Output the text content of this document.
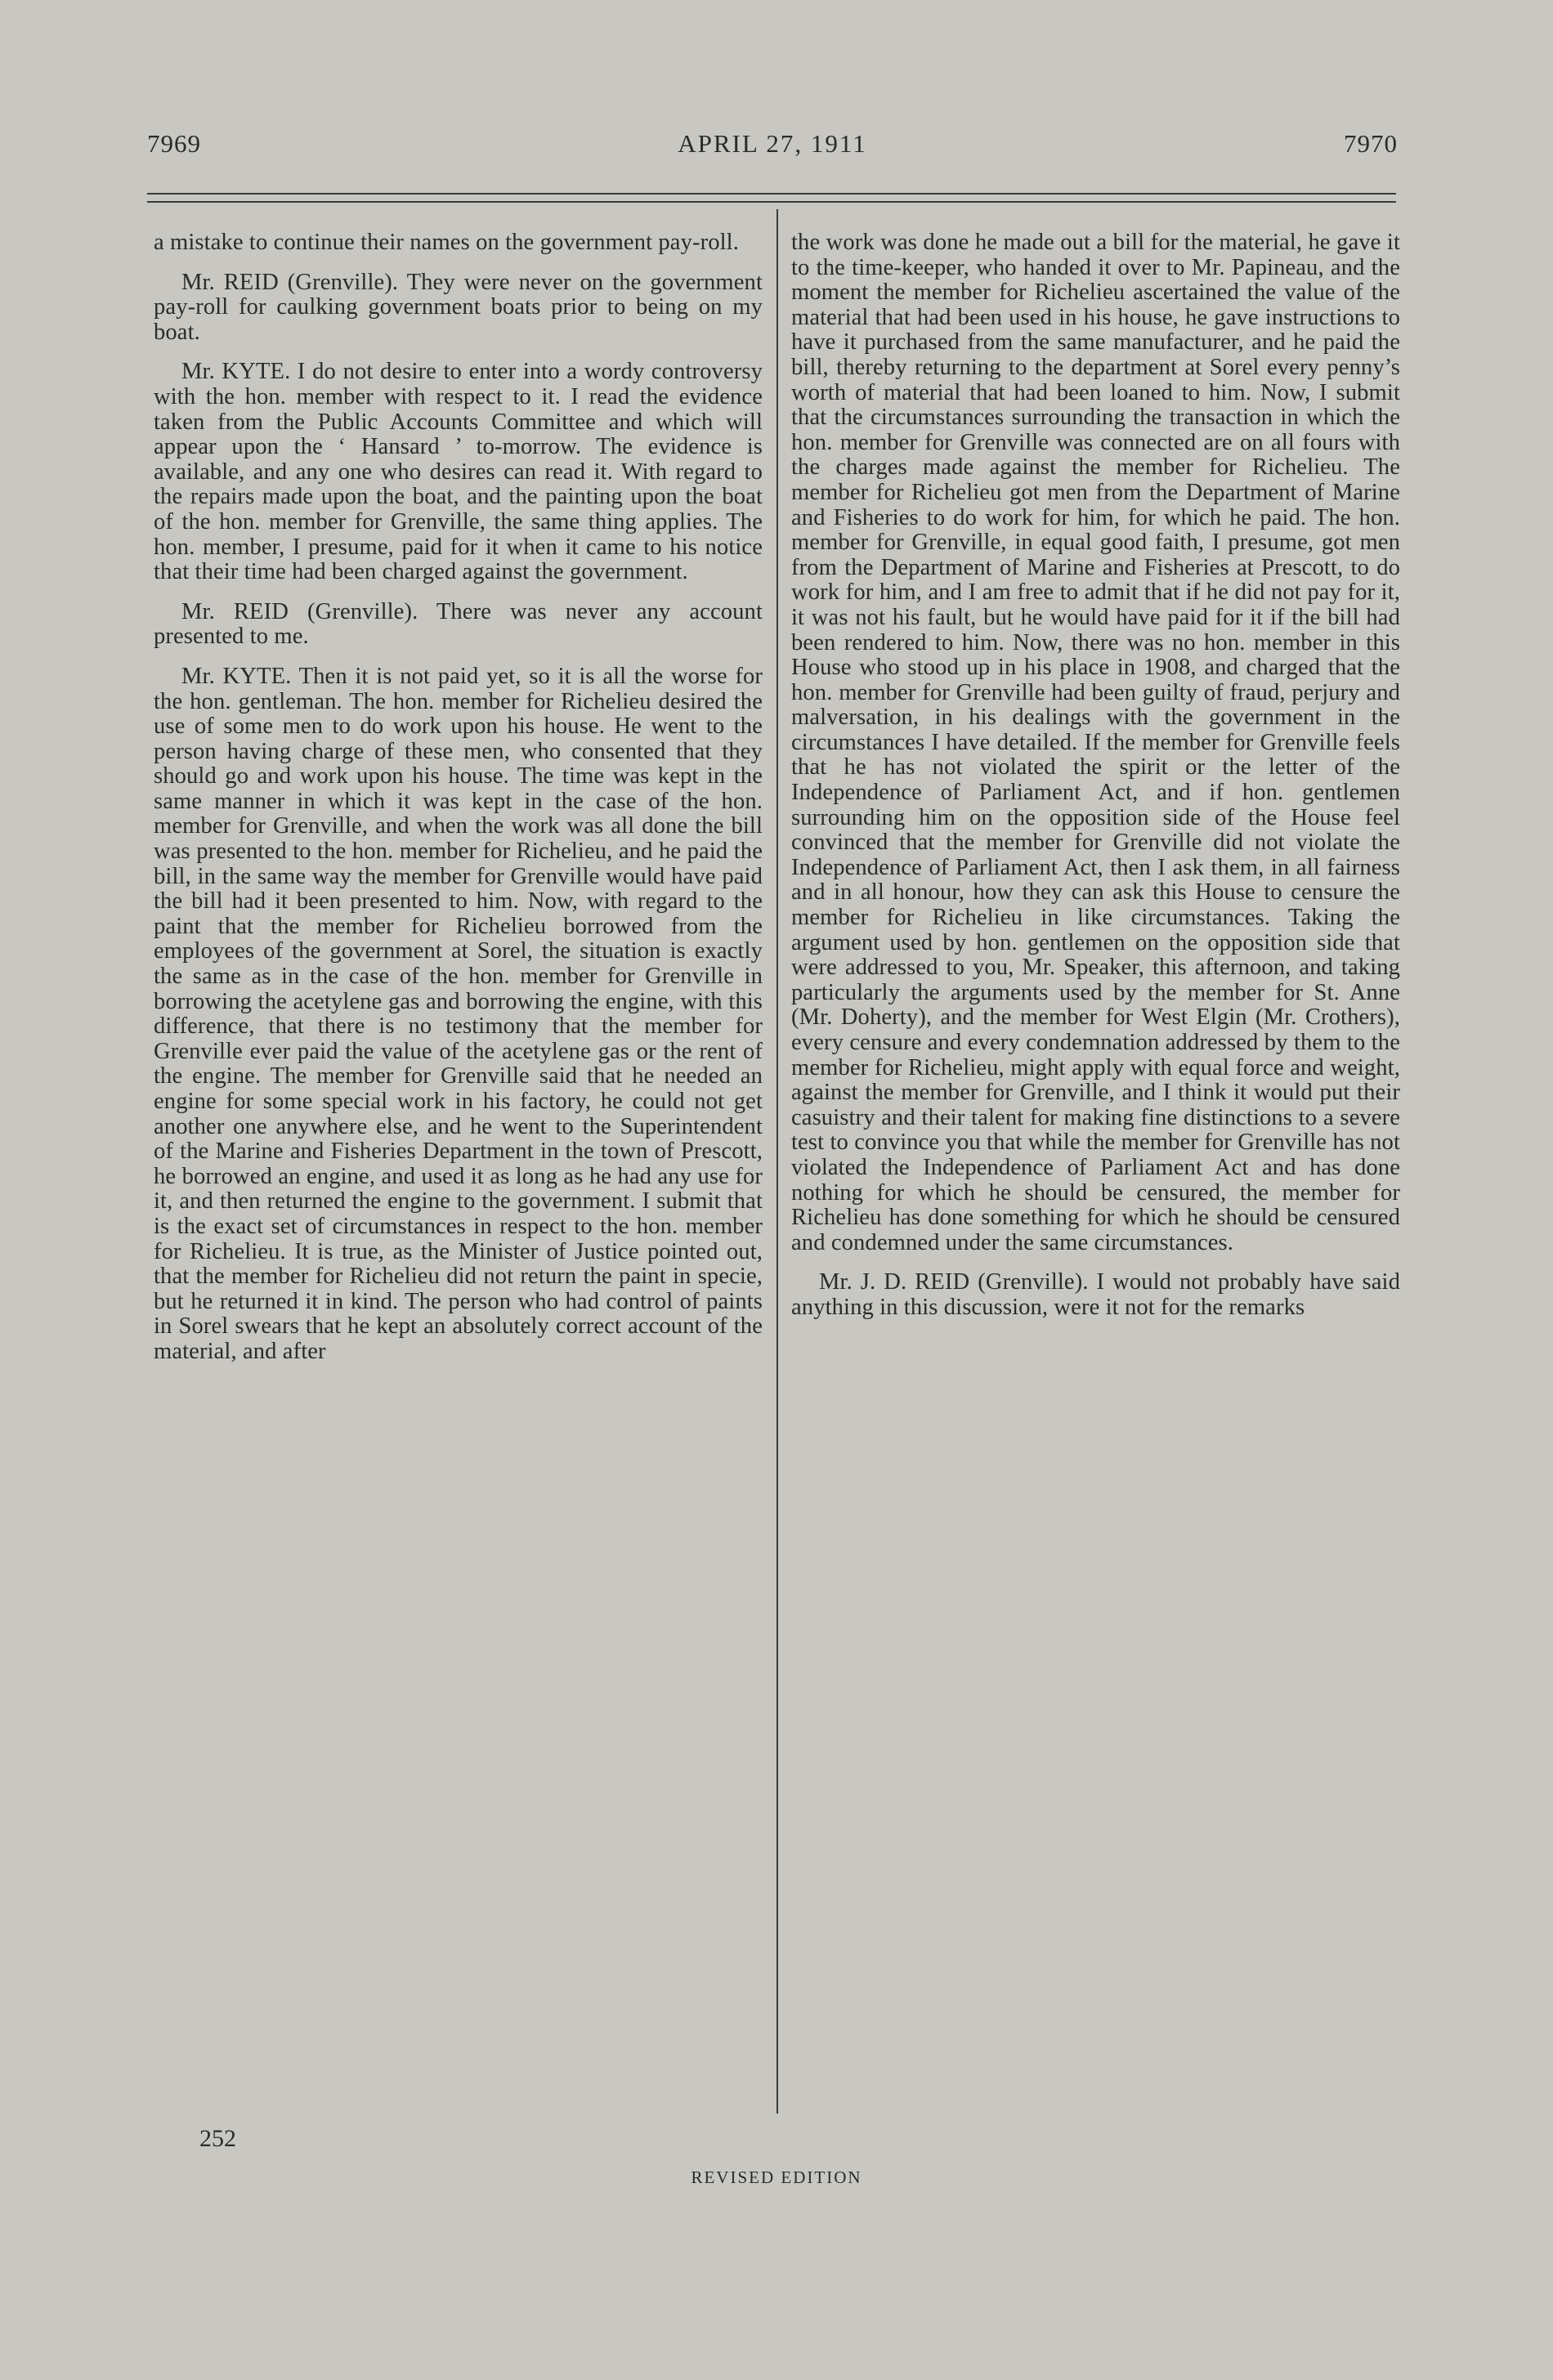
7969	APRIL 27, 1911	7970

a mistake to continue their names on the government pay-roll.

Mr. REID (Grenville). They were never on the government pay-roll for caulking government boats prior to being on my boat.

Mr. KYTE. I do not desire to enter into a wordy controversy with the hon. member with respect to it. I read the evidence taken from the Public Accounts Committee and which will appear upon the ‘ Hansard ’ to-morrow. The evidence is available, and any one who desires can read it. With regard to the repairs made upon the boat, and the painting upon the boat of the hon. member for Grenville, the same thing applies. The hon. member, I presume, paid for it when it came to his notice that their time had been charged against the government.

Mr. REID (Grenville). There was never any account presented to me.

Mr. KYTE. Then it is not paid yet, so it is all the worse for the hon. gentleman. The hon. member for Richelieu desired the use of some men to do work upon his house. He went to the person having charge of these men, who consented that they should go and work upon his house. The time was kept in the same manner in which it was kept in the case of the hon. member for Grenville, and when the work was all done the bill was presented to the hon. member for Richelieu, and he paid the bill, in the same way the member for Grenville would have paid the bill had it been presented to him. Now, with regard to the paint that the member for Richelieu borrowed from the employees of the government at Sorel, the situation is exactly the same as in the case of the hon. member for Grenville in borrowing the acetylene gas and borrowing the engine, with this difference, that there is no testimony that the member for Grenville ever paid the value of the acetylene gas or the rent of the engine. The member for Grenville said that he needed an engine for some special work in his factory, he could not get another one anywhere else, and he went to the Superintendent of the Marine and Fisheries Department in the town of Prescott, he borrowed an engine, and used it as long as he had any use for it, and then returned the engine to the government. I submit that is the exact set of circumstances in respect to the hon. member for Richelieu. It is true, as the Minister of Justice pointed out, that the member for Richelieu did not return the paint in specie, but he returned it in kind. The person who had control of paints in Sorel swears that he kept an absolutely correct account of the material, and after

the work was done he made out a bill for the material, he gave it to the time-keeper, who handed it over to Mr. Papineau, and the moment the member for Richelieu ascertained the value of the material that had been used in his house, he gave instructions to have it purchased from the same manufacturer, and he paid the bill, thereby returning to the department at Sorel every penny’s worth of material that had been loaned to him. Now, I submit that the circumstances surrounding the transaction in which the hon. member for Grenville was connected are on all fours with the charges made against the member for Richelieu. The member for Richelieu got men from the Department of Marine and Fisheries to do work for him, for which he paid. The hon. member for Grenville, in equal good faith, I presume, got men from the Department of Marine and Fisheries at Prescott, to do work for him, and I am free to admit that if he did not pay for it, it was not his fault, but he would have paid for it if the bill had been rendered to him. Now, there was no hon. member in this House who stood up in his place in 1908, and charged that the hon. member for Grenville had been guilty of fraud, perjury and malversation, in his dealings with the government in the circumstances I have detailed. If the member for Grenville feels that he has not violated the spirit or the letter of the Independence of Parliament Act, and if hon. gentlemen surrounding him on the opposition side of the House feel convinced that the member for Grenville did not violate the Independence of Parliament Act, then I ask them, in all fairness and in all honour, how they can ask this House to censure the member for Richelieu in like circumstances. Taking the argument used by hon. gentlemen on the opposition side that were addressed to you, Mr. Speaker, this afternoon, and taking particularly the arguments used by the member for St. Anne (Mr. Doherty), and the member for West Elgin (Mr. Crothers), every censure and every condemnation addressed by them to the member for Richelieu, might apply with equal force and weight, against the member for Grenville, and I think it would put their casuistry and their talent for making fine distinctions to a severe test to convince you that while the member for Grenville has not violated the Independence of Parliament Act and has done nothing for which he should be censured, the member for Richelieu has done something for which he should be censured and condemned under the same circumstances.

Mr. J. D. REID (Grenville). I would not probably have said anything in this discussion, were it not for the remarks

252
REVISED EDITION
